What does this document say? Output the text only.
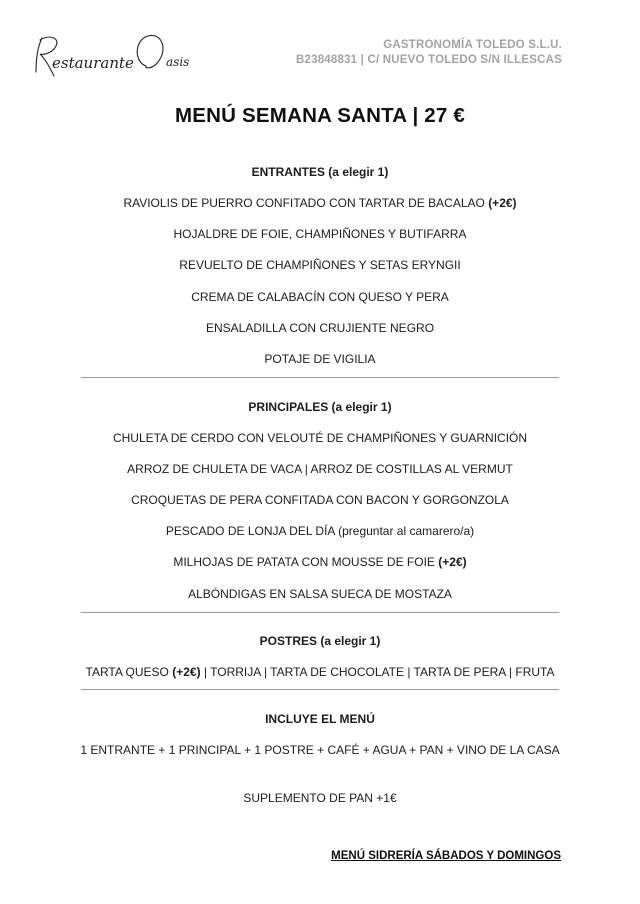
estaurante	asis
GASTRONOMÍA TOLEDO S.L.U.
B23848831 | C/ NUEVO TOLEDO S/N ILLESCAS
MENÚ SEMANA SANTA | 27 €
ENTRANTES (a elegir 1)
RAVIOLIS DE PUERRO CONFITADO CON TARTAR DE BACALAO (+2€)
HOJALDRE DE FOIE, CHAMPIÑONES Y BUTIFARRA
REVUELTO DE CHAMPIÑONES Y SETAS ERYNGII
CREMA DE CALABACÍN CON QUESO Y PERA
ENSALADILLA CON CRUJIENTE NEGRO
POTAJE DE VIGILIA
PRINCIPALES (a elegir 1)
CHULETA DE CERDO CON VELOUTÉ DE CHAMPIÑONES Y GUARNICIÓN
ARROZ DE CHULETA DE VACA | ARROZ DE COSTILLAS AL VERMUT
CROQUETAS DE PERA CONFITADA CON BACON Y GORGONZOLA
PESCADO DE LONJA DEL DÍA (preguntar al camarero/a)
MILHOJAS DE PATATA CON MOUSSE DE FOIE (+2€)
ALBÓNDIGAS EN SALSA SUECA DE MOSTAZA
POSTRES (a elegir 1)
TARTA QUESO (+2€) | TORRIJA | TARTA DE CHOCOLATE | TARTA DE PERA | FRUTA
INCLUYE EL MENÚ
1 ENTRANTE + 1 PRINCIPAL + 1 POSTRE + CAFÉ + AGUA + PAN + VINO DE LA CASA
SUPLEMENTO DE PAN +1€
MENÚ SIDRERÍA SÁBADOS Y DOMINGOS
